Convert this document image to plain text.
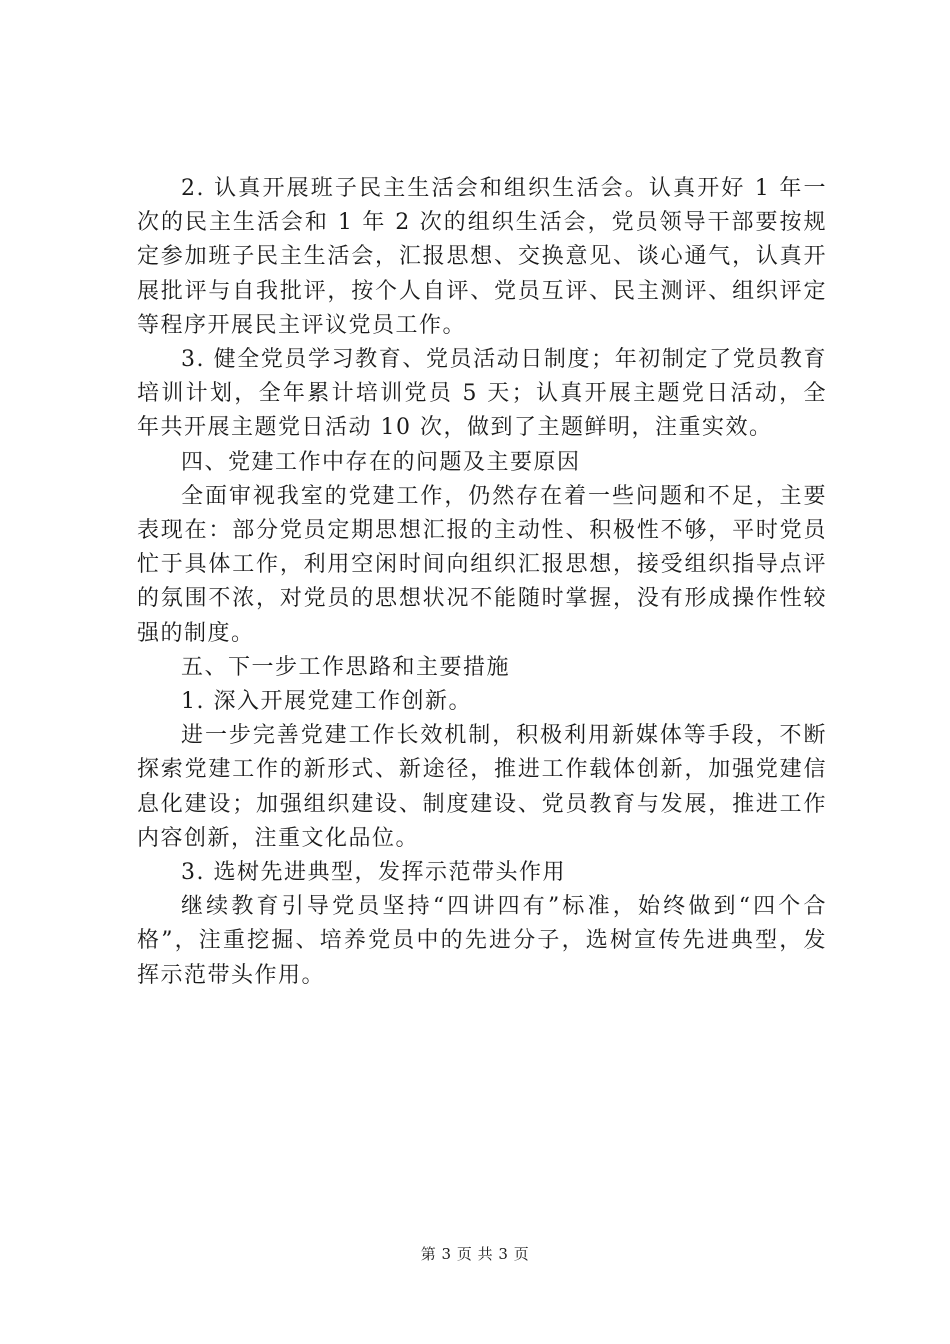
2. 认真开展班子民主生活会和组织生活会。认真开好 1 年一次的民主生活会和 1 年 2 次的组织生活会，党员领导干部要按规定参加班子民主生活会，汇报思想、交换意见、谈心通气，认真开展批评与自我批评，按个人自评、党员互评、民主测评、组织评定等程序开展民主评议党员工作。

3. 健全党员学习教育、党员活动日制度；年初制定了党员教育培训计划，全年累计培训党员 5 天；认真开展主题党日活动，全年共开展主题党日活动 10 次，做到了主题鲜明，注重实效。

四、党建工作中存在的问题及主要原因

全面审视我室的党建工作，仍然存在着一些问题和不足，主要表现在：部分党员定期思想汇报的主动性、积极性不够，平时党员忙于具体工作，利用空闲时间向组织汇报思想，接受组织指导点评的氛围不浓，对党员的思想状况不能随时掌握，没有形成操作性较强的制度。

五、下一步工作思路和主要措施

1. 深入开展党建工作创新。

进一步完善党建工作长效机制，积极利用新媒体等手段，不断探索党建工作的新形式、新途径，推进工作载体创新，加强党建信息化建设；加强组织建设、制度建设、党员教育与发展，推进工作内容创新，注重文化品位。

3. 选树先进典型，发挥示范带头作用

继续教育引导党员坚持“四讲四有”标准，始终做到“四个合格”，注重挖掘、培养党员中的先进分子，选树宣传先进典型，发挥示范带头作用。

第 3 页 共 3 页
